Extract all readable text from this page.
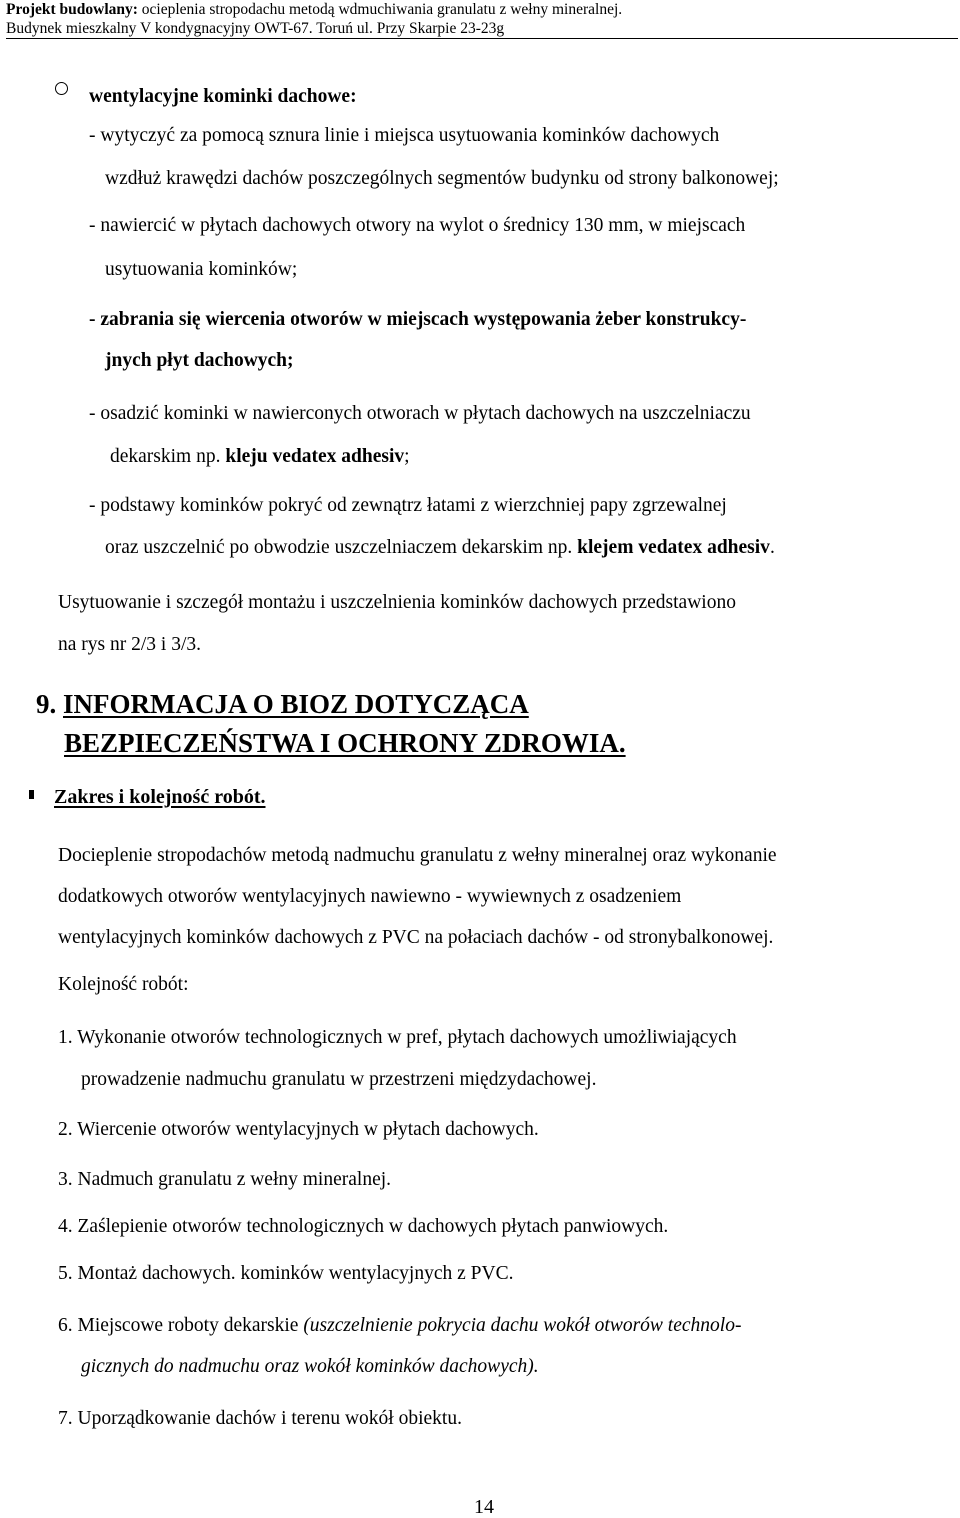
Projekt budowlany: ocieplenia stropodachu metodą wdmuchiwania granulatu z wełny mineralnej.
Budynek mieszkalny V kondygnacyjny OWT-67. Toruń ul. Przy Skarpie 23-23g
wentylacyjne kominki dachowe:
- wytyczyć za pomocą sznura linie i miejsca usytuowania kominków dachowych
wzdłuż krawędzi dachów poszczególnych segmentów budynku od strony balkonowej;
- nawiercić w płytach dachowych otwory na wylot o średnicy 130 mm, w miejscach
usytuowania kominków;
- zabrania się wiercenia otworów w miejscach występowania żeber konstrukcy-
jnych płyt dachowych;
- osadzić kominki w nawierconych otworach w płytach dachowych na uszczelniaczu
dekarskim np. kleju vedatex adhesiv;
- podstawy kominków pokryć od zewnątrz łatami z wierzchniej papy zgrzewalnej
oraz uszczelnić po obwodzie uszczelniaczem dekarskim np. klejem vedatex adhesiv.
Usytuowanie i szczegół montażu i uszczelnienia kominków dachowych przedstawiono
na rys nr 2/3 i 3/3.
9. INFORMACJA O BIOZ DOTYCZĄCA
BEZPIECZEŃSTWA I OCHRONY ZDROWIA.
Zakres i kolejność robót.
Docieplenie stropodachów metodą nadmuchu granulatu z wełny mineralnej oraz wykonanie
dodatkowych otworów wentylacyjnych nawiewno - wywiewnych z osadzeniem
wentylacyjnych kominków dachowych z PVC na połaciach dachów - od stronybalkonowej.
Kolejność robót:
1. Wykonanie otworów technologicznych w pref, płytach dachowych umożliwiających
prowadzenie nadmuchu granulatu w przestrzeni międzydachowej.
2. Wiercenie otworów wentylacyjnych w płytach dachowych.
3. Nadmuch granulatu z wełny mineralnej.
4. Zaślepienie otworów technologicznych w dachowych płytach panwiowych.
5. Montaż dachowych. kominków wentylacyjnych z PVC.
6. Miejscowe roboty dekarskie (uszczelnienie pokrycia dachu wokół otworów technolo-
gicznych do nadmuchu oraz wokół kominków dachowych).
7. Uporządkowanie dachów i terenu wokół obiektu.
14
